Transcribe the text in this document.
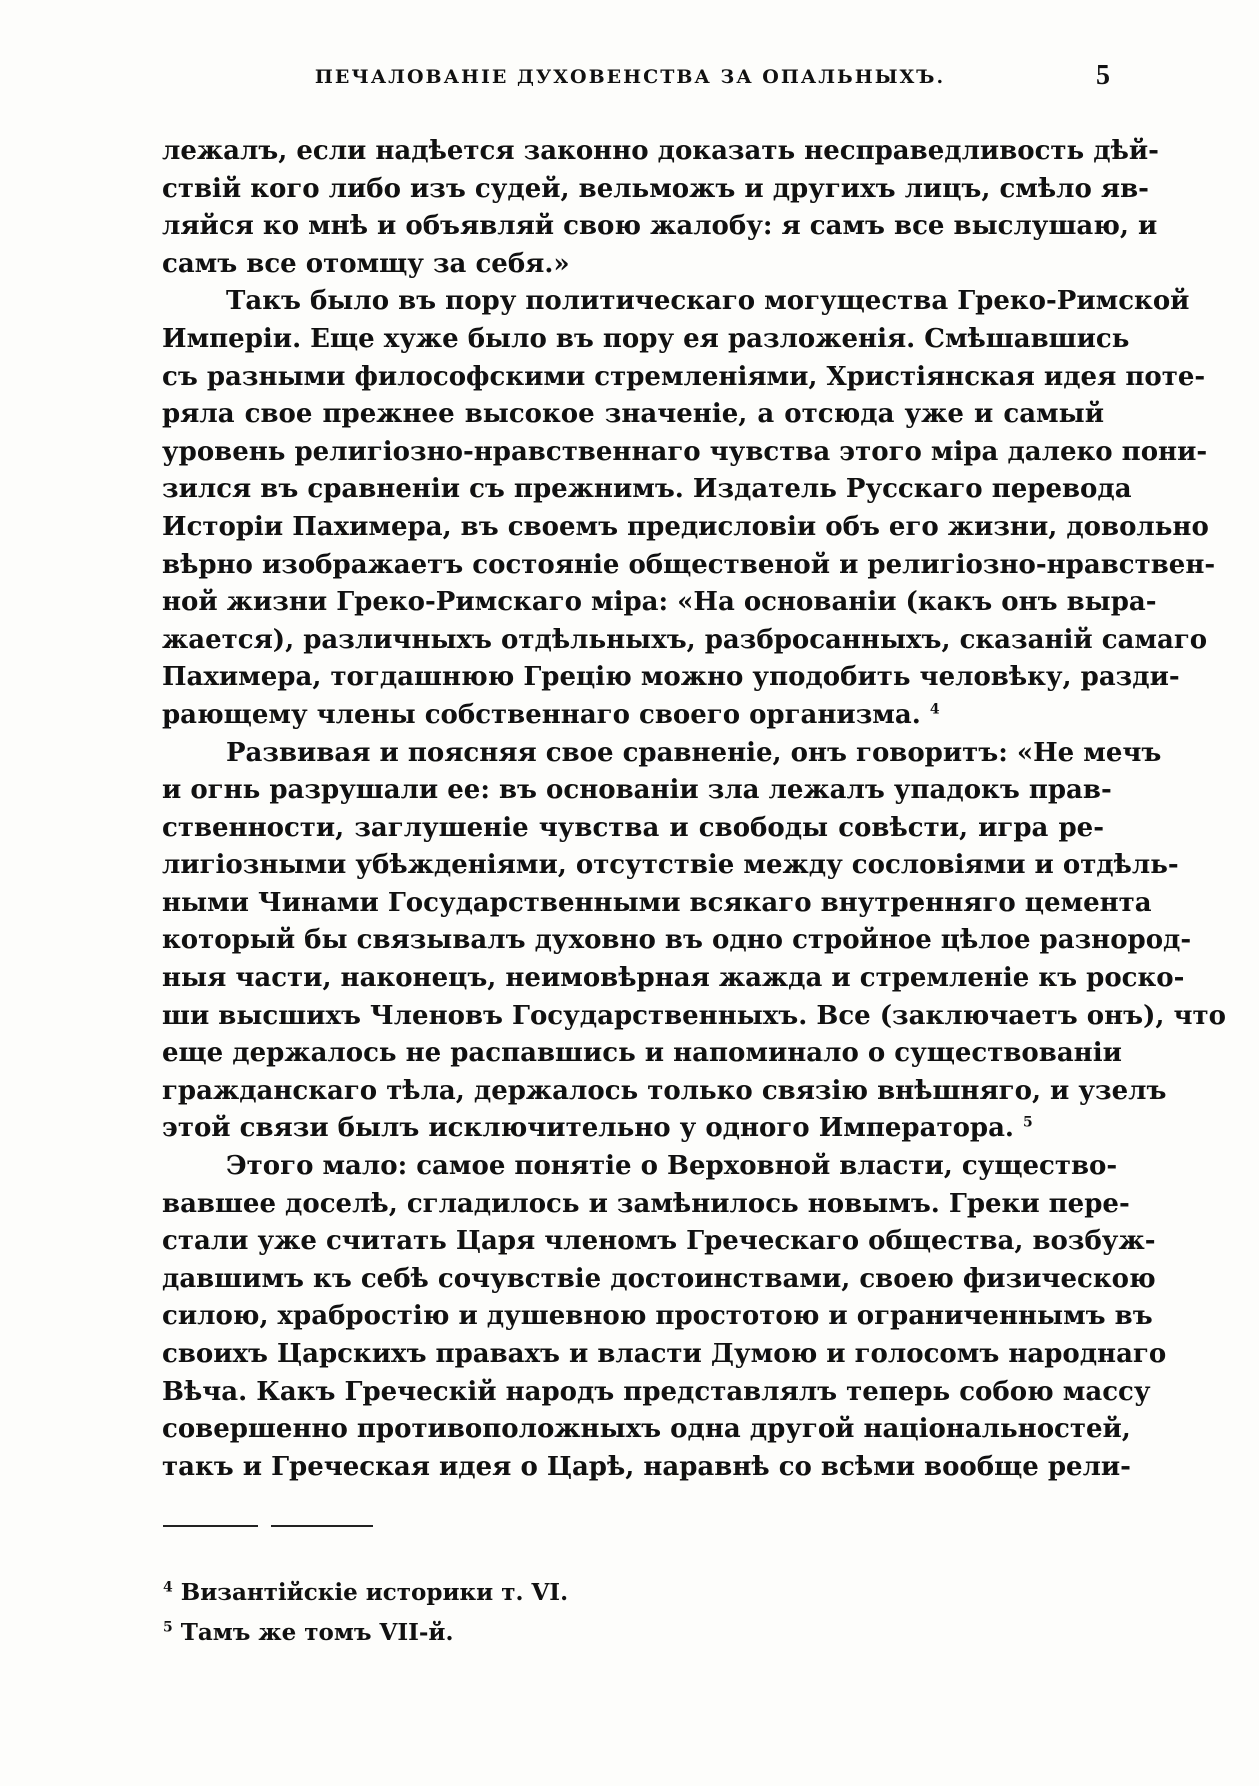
ПЕЧАЛОВАНІЕ ДУХОВЕНСТВА ЗА ОПАЛЬНЫХЪ.	5
лежалъ, если надѣется законно доказать несправедливость дѣй-
ствій кого либо изъ судей, вельможъ и другихъ лицъ, смѣло яв-
ляйся ко мнѣ и объявляй свою жалобу: я самъ все выслушаю, и
самъ все отомщу за себя.»
Такъ было въ пору политическаго могущества Греко-Римской
Имперіи. Еще хуже было въ пору ея разложенія. Смѣшавшись
съ разными философскими стремленіями, Христіянская идея поте-
ряла свое прежнее высокое значеніе, а отсюда уже и самый
уровень религіозно-нравственнаго чувства этого міра далеко пони-
зился въ сравненіи съ прежнимъ. Издатель Русскаго перевода
Исторіи Пахимера, въ своемъ предисловіи объ его жизни, довольно
вѣрно изображаетъ состояніе общественой и религіозно-нравствен-
ной жизни Греко-Римскаго міра: «На основаніи (какъ онъ выра-
жается), различныхъ отдѣльныхъ, разбросанныхъ, сказаній самаго
Пахимера, тогдашнюю Грецію можно уподобить человѣку, разди-
рающему члены собственнаго своего организма. $^4$
Развивая и поясняя свое сравненіе, онъ говоритъ: «Не мечъ
и огнь разрушали ее: въ основаніи зла лежалъ упадокъ прав-
ственности, заглушеніе чувства и свободы совѣсти, игра ре-
лигіозными убѣжденіями, отсутствіе между сословіями и отдѣль-
ными Чинами Государственными всякаго внутренняго цемента
который бы связывалъ духовно въ одно стройное цѣлое разнород-
ныя части, наконецъ, неимовѣрная жажда и стремленіе къ роско-
ши высшихъ Членовъ Государственныхъ. Все (заключаетъ онъ), что
еще держалось не распавшись и напоминало о существованіи
гражданскаго тѣла, держалось только связію внѣшняго, и узелъ
этой связи былъ исключительно у одного Императора. $^5$
Этого мало: самое понятіе о Верховной власти, существо-
вавшее доселѣ, сгладилось и замѣнилось новымъ. Греки пере-
стали уже считать Царя членомъ Греческаго общества, возбуж-
давшимъ къ себѣ сочувствіе достоинствами, своею физическою
силою, храбростію и душевною простотою и ограниченнымъ въ
своихъ Царскихъ правахъ и власти Думою и голосомъ народнаго
Вѣча. Какъ Греческій народъ представлялъ теперь собою массу
совершенно противоположныхъ одна другой національностей,
такъ и Греческая идея о Царѣ, наравнѣ со всѣми вообще рели-
$^4$ Византійскіе историки т. VI.
$^5$ Тамъ же томъ VII-й.
